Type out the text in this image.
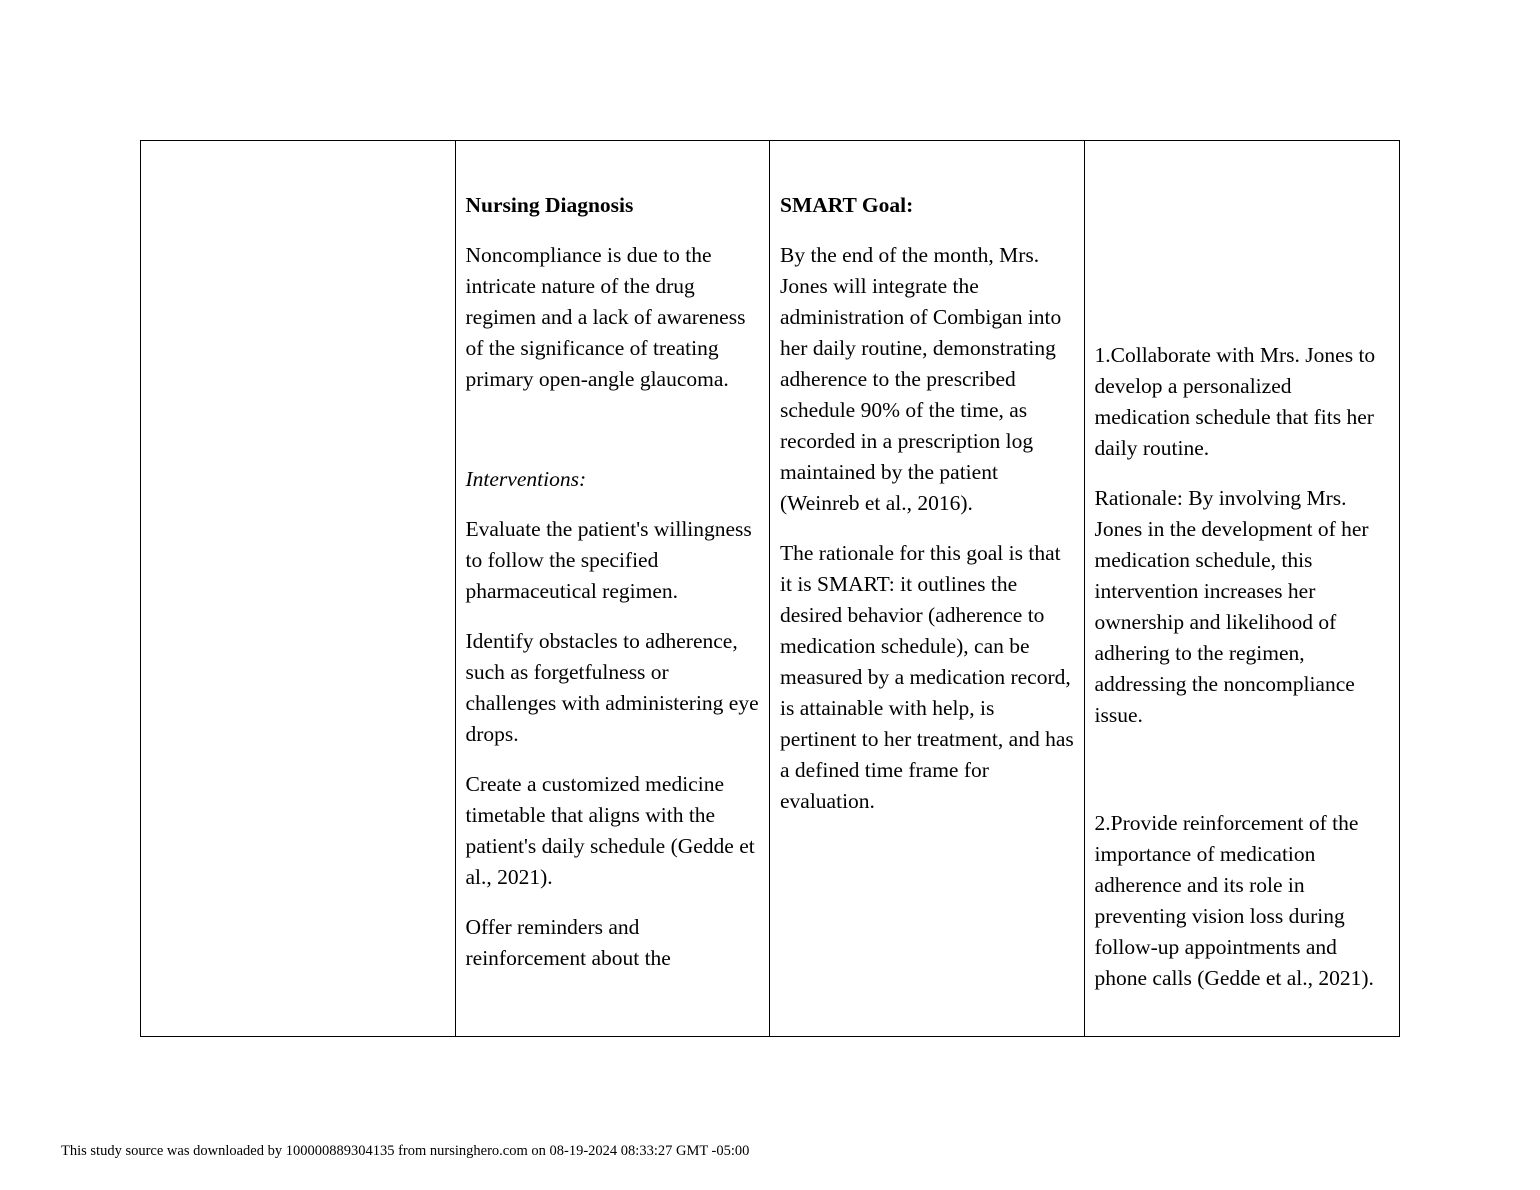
Nursing Diagnosis

Noncompliance is due to the intricate nature of the drug regimen and a lack of awareness of the significance of treating primary open-angle glaucoma.

Interventions:

Evaluate the patient's willingness to follow the specified pharmaceutical regimen.

Identify obstacles to adherence, such as forgetfulness or challenges with administering eye drops.

Create a customized medicine timetable that aligns with the patient's daily schedule (Gedde et al., 2021).

Offer reminders and reinforcement about the

SMART Goal:

By the end of the month, Mrs. Jones will integrate the administration of Combigan into her daily routine, demonstrating adherence to the prescribed schedule 90% of the time, as recorded in a prescription log maintained by the patient (Weinreb et al., 2016).

The rationale for this goal is that it is SMART: it outlines the desired behavior (adherence to medication schedule), can be measured by a medication record, is attainable with help, is pertinent to her treatment, and has a defined time frame for evaluation.

1.Collaborate with Mrs. Jones to develop a personalized medication schedule that fits her daily routine.

Rationale: By involving Mrs. Jones in the development of her medication schedule, this intervention increases her ownership and likelihood of adhering to the regimen, addressing the noncompliance issue.

2.Provide reinforcement of the importance of medication adherence and its role in preventing vision loss during follow-up appointments and phone calls (Gedde et al., 2021).

This study source was downloaded by 100000889304135 from nursinghero.com on 08-19-2024 08:33:27 GMT -05:00
